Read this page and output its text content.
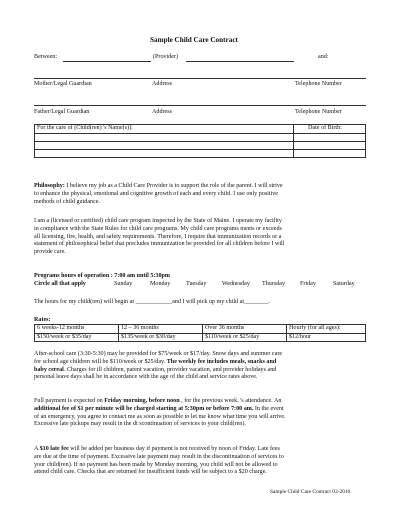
Sample Child Care Contract
Between:	(Provider)	and:
Mother/Legal Guardian	Address	Telephone Number
Father/Legal Guardian	Address	Telephone Number
For the care of [Child(ren) 's Name(s)]:	Date of Birth:

Philosophy: I believe my job as a Child Care Provider is to support the role of the parent. I will strive
to enhance the physical, emotional and cognitive growth of each and every child. I use only positive
methods of child guidance.
I am a (licensed or certified) child care program inspected by the State of Maine. I operate my facility
in compliance with the State Rules for child care programs. My child care programs meets or exceeds
all licensing, fire, health, and safety requirements. Therefore, I require that immunization records or a
statement of philosophical belief that precludes immunization be provided for all children before I will
provide care.
Programs hours of operation : 7:00 am until 5:30pm
Circle all that apply	Sunday	Monday	Tuesday	Wednesday Thursday Friday	Saturday
The hours for my child(ren) will begin at ____________and I will pick up my child at________.
Rates:
6 weeks-12 months	12 – 36 months	Over 36 months	Hourly (for all ages):
$150/week or $35/day	$135/week or $30/day	$110/week or $25/day	$12/hour
After-school care (3:30-5:30) may be provided for $75/week or $17/day. Snow days and summer care
for school age children will be $110/week or $25/day. The weekly fee includes meals, snacks and
baby cereal. Charges for ill children, parent vacation, provider vacation, and provider holidays and
personal leave days shall be in accordance with the age of the child and service rates above.
Full payment is expected on Friday morning, before noon , for the previous week. 's attendance. An
additional fee of $1 per minute will be charged starting at 5:30pm or before 7:00 am. In the event
of an emergency, you agree to contact me as soon as possible to let me know what time you will arrive.
Excessive late pickups may result in the di scontinuation of services to your child(ren).
A $10 late fee will be added per business day if payment is not received by noon of Friday. Late fees
are due at the time of payment. Excessive late payment may result in the discontinuation of services to
your child(ren). If no payment has been made by Monday morning, you child will not be allowed to
attend child care. Checks that are returned for insufficient funds will be subject to a $20 charge.
Sample Child Care Contract 03-2016
